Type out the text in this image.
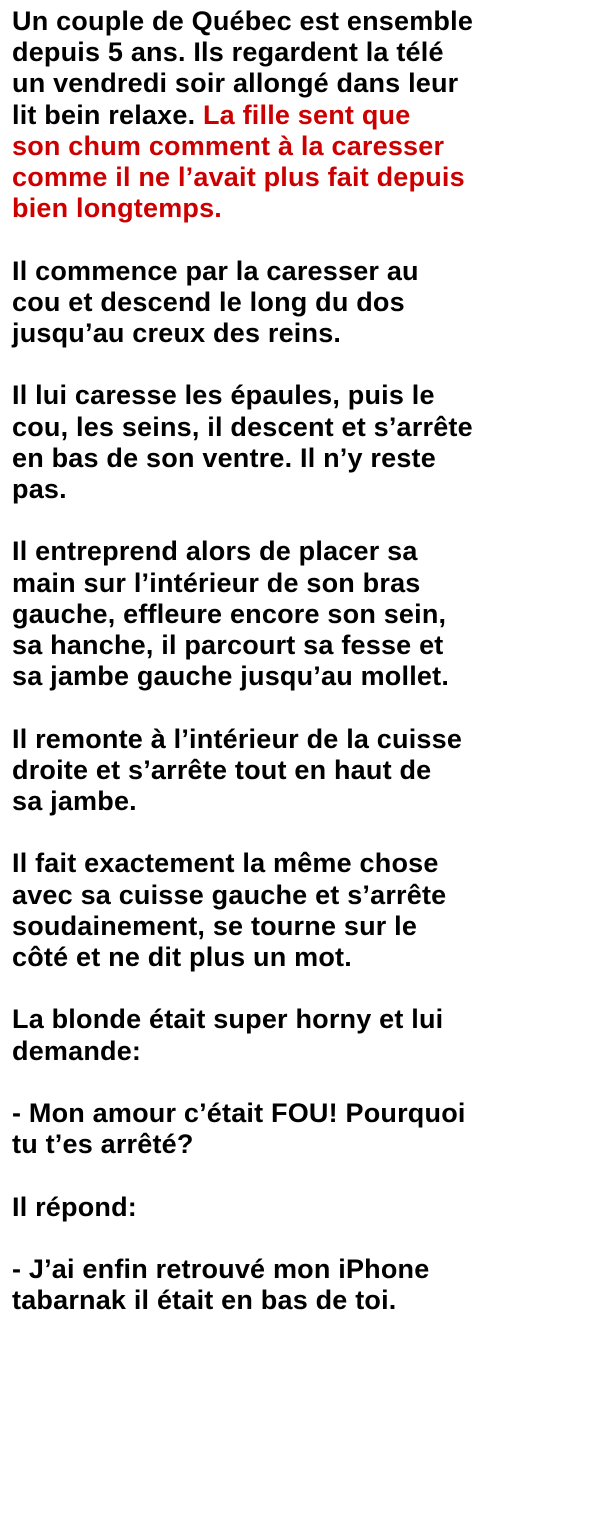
Un couple de Québec est ensemble
depuis 5 ans. Ils regardent la télé
un vendredi soir allongé dans leur
lit bein relaxe. La fille sent que
son chum comment à la caresser
comme il ne l’avait plus fait depuis
bien longtemps.

Il commence par la caresser au
cou et descend le long du dos
jusqu’au creux des reins.

Il lui caresse les épaules, puis le
cou, les seins, il descent et s’arrête
en bas de son ventre. Il n’y reste
pas.

Il entreprend alors de placer sa
main sur l’intérieur de son bras
gauche, effleure encore son sein,
sa hanche, il parcourt sa fesse et
sa jambe gauche jusqu’au mollet.

Il remonte à l’intérieur de la cuisse
droite et s’arrête tout en haut de
sa jambe.

Il fait exactement la même chose
avec sa cuisse gauche et s’arrête
soudainement, se tourne sur le
côté et ne dit plus un mot.

La blonde était super horny et lui
demande:

- Mon amour c’était FOU! Pourquoi
tu t’es arrêté?

Il répond:

- J’ai enfin retrouvé mon iPhone
tabarnak il était en bas de toi.
